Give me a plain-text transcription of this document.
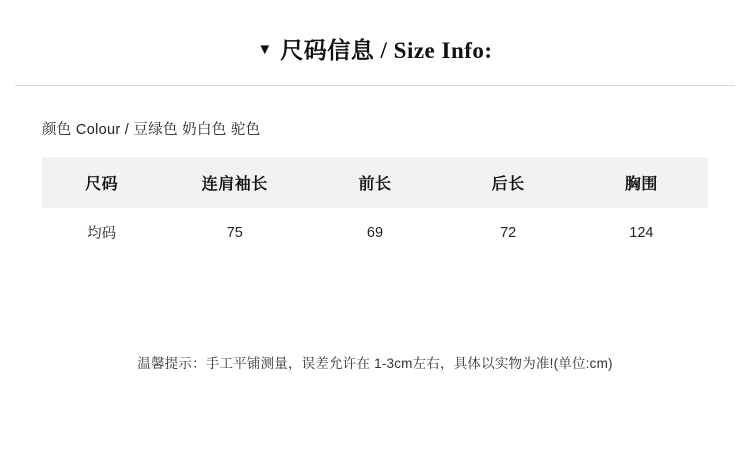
▼ 尺码信息 / Size Info:
颜色 Colour / 豆绿色 奶白色 驼色
尺码	连肩袖长	前长	后长	胸围
均码	75	69	72	124
温馨提示：手工平铺测量，误差允许在 1-3cm左右，具体以实物为准!(单位:cm)
